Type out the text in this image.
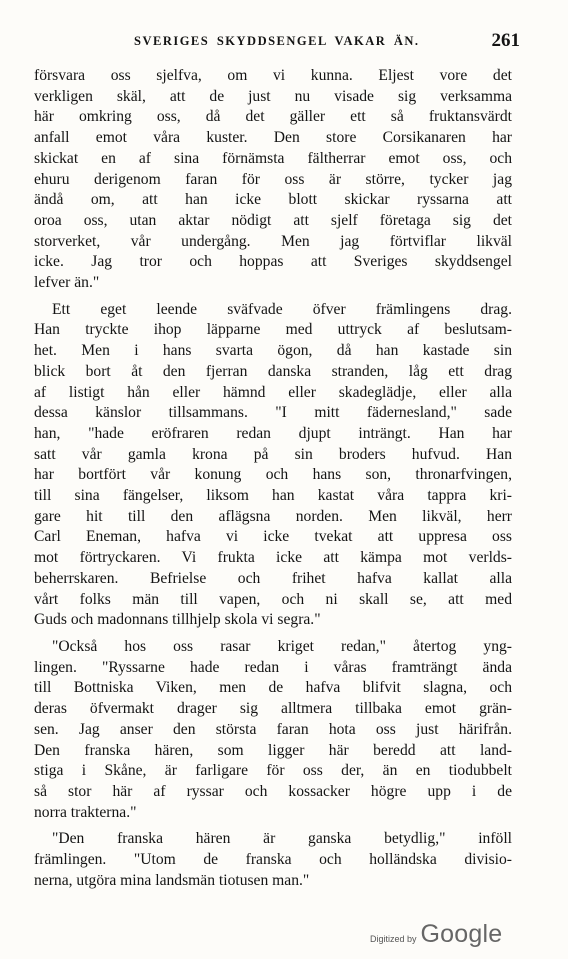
SVERIGES SKYDDSENGEL VAKAR ÄN.	261

försvara oss sjelfva, om vi kunna. Eljest vore det
verkligen skäl, att de just nu visade sig verksamma
här omkring oss, då det gäller ett så fruktansvärdt
anfall emot våra kuster. Den store Corsikanaren har
skickat en af sina förnämsta fältherrar emot oss, och
ehuru derigenom faran för oss är större, tycker jag
ändå om, att han icke blott skickar ryssarna att
oroa oss, utan aktar nödigt att sjelf företaga sig det
storverket, vår undergång. Men jag förtviflar likväl
icke. Jag tror och hoppas att Sveriges skyddsengel
lefver än."

Ett eget leende sväfvade öfver främlingens drag.
Han tryckte ihop läpparne med uttryck af beslutsam-
het. Men i hans svarta ögon, då han kastade sin
blick bort åt den fjerran danska stranden, låg ett drag
af listigt hån eller hämnd eller skadeglädje, eller alla
dessa känslor tillsammans. "I mitt fädernesland," sade
han, "hade eröfraren redan djupt inträngt. Han har
satt vår gamla krona på sin broders hufvud. Han
har bortfört vår konung och hans son, thronarfvingen,
till sina fängelser, liksom han kastat våra tappra kri-
gare hit till den aflägsna norden. Men likväl, herr
Carl Eneman, hafva vi icke tvekat att uppresa oss
mot förtryckaren. Vi frukta icke att kämpa mot verlds-
beherrskaren. Befrielse och frihet hafva kallat alla
vårt folks män till vapen, och ni skall se, att med
Guds och madonnans tillhjelp skola vi segra."

"Också hos oss rasar kriget redan," återtog yng-
lingen. "Ryssarne hade redan i våras framträngt ända
till Bottniska Viken, men de hafva blifvit slagna, och
deras öfvermakt drager sig alltmera tillbaka emot grän-
sen. Jag anser den största faran hota oss just härifrån.
Den franska hären, som ligger här beredd att land-
stiga i Skåne, är farligare för oss der, än en tiodubbelt
så stor här af ryssar och kossacker högre upp i de
norra trakterna."

"Den franska hären är ganska betydlig," inföll
främlingen. "Utom de franska och holländska divisio-
nerna, utgöra mina landsmän tiotusen man."

Digitized by Google
